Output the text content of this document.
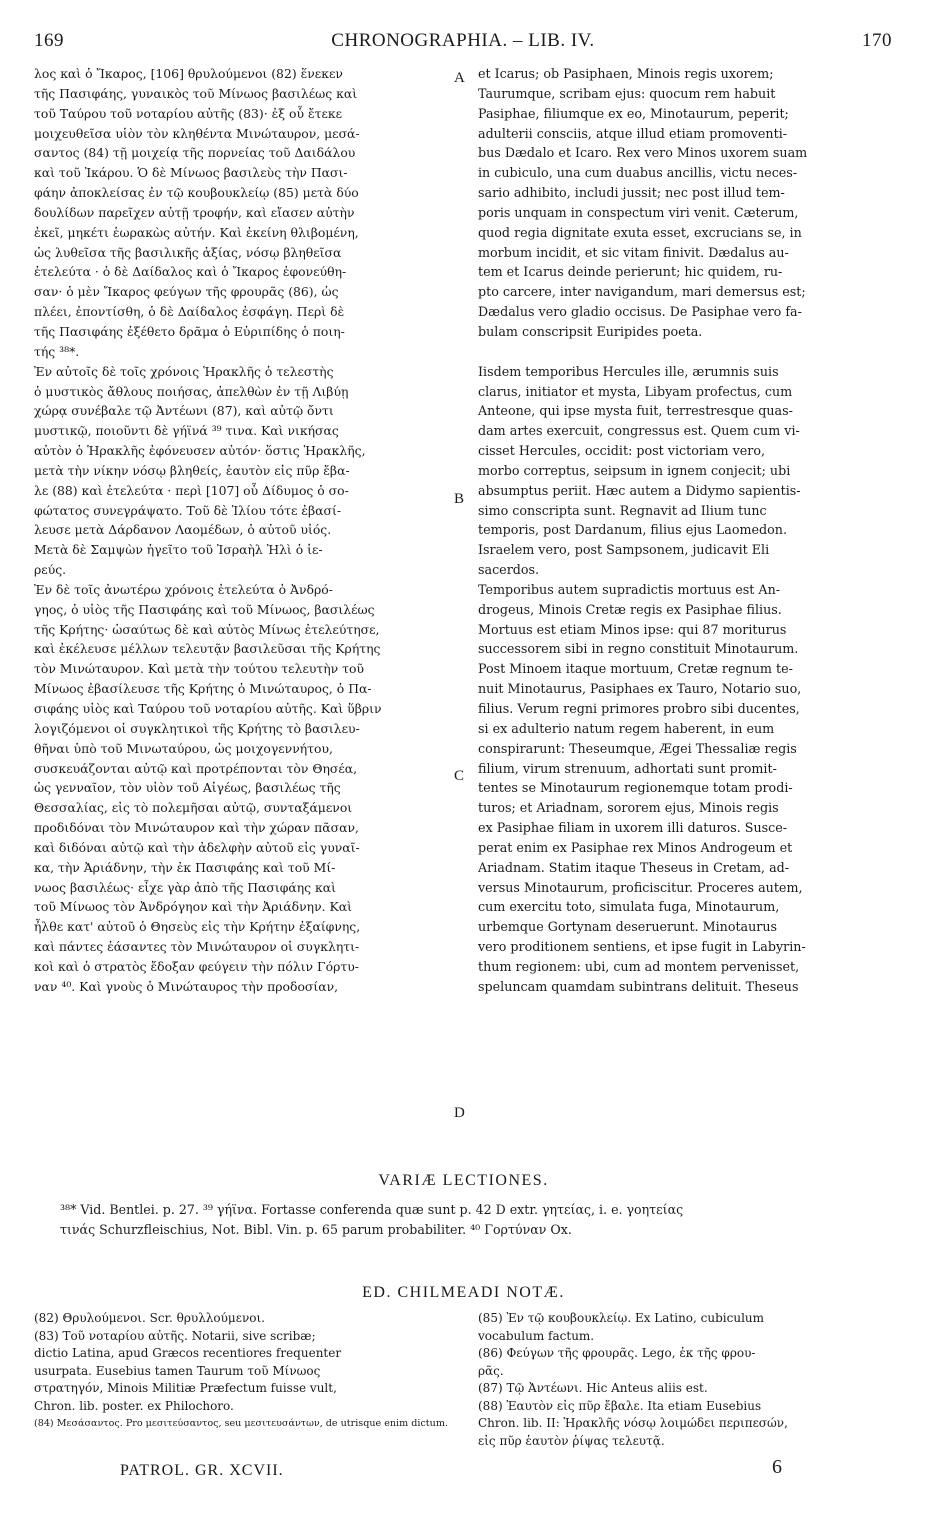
169	CHRONOGRAPHIA. – LIB. IV.	170
λος καὶ ὁ Ἴκαρος, [106] θρυλούμενοι (82) ἕνεκεν
τῆς Πασιφάης, γυναικὸς τοῦ Μίνωος βασιλέως καὶ
τοῦ Ταύρου τοῦ νοταρίου αὐτῆς (83)· ἐξ οὗ ἔτεκε
μοιχευθεῖσα υἱὸν τὸν κληθέντα Μινώταυρον, μεσά-
σαντος (84) τῇ μοιχείᾳ τῆς πορνείας τοῦ Δαιδάλου
καὶ τοῦ Ἰκάρου. Ὁ δὲ Μίνωος βασιλεὺς τὴν Πασι-
φάην ἀποκλείσας ἐν τῷ κουβουκλείῳ (85) μετὰ δύο
δουλίδων παρεῖχεν αὐτῇ τροφήν, καὶ εἴασεν αὐτὴν
ἐκεῖ, μηκέτι ἑωρακὼς αὐτήν. Καὶ ἐκείνη θλιβομένη,
ὡς λυθεῖσα τῆς βασιλικῆς ἀξίας, νόσῳ βληθεῖσα
ἐτελεύτα · ὁ δὲ Δαίδαλος καὶ ὁ Ἴκαρος ἐφονεύθη-
σαν· ὁ μὲν Ἴκαρος φεύγων τῆς φρουρᾶς (86), ὡς
πλέει, ἐποντίσθη, ὁ δὲ Δαίδαλος ἐσφάγη. Περὶ δὲ
τῆς Πασιφάης ἐξέθετο δρᾶμα ὁ Εὐριπίδης ὁ ποιη-
τής ³⁸*.
Ἐν αὐτοῖς δὲ τοῖς χρόνοις Ἡρακλῆς ὁ τελεστὴς
ὁ μυστικὸς ἄθλους ποιήσας, ἀπελθὼν ἐν τῇ Λιβύῃ
χώρᾳ συνέβαλε τῷ Ἀντέωνι (87), καὶ αὐτῷ ὄντι
μυστικῷ, ποιοῦντι δὲ γήϊνά ³⁹ τινα. Καὶ νικήσας
αὐτὸν ὁ Ἡρακλῆς ἐφόνευσεν αὐτόν· ὅστις Ἡρακλῆς,
μετὰ τὴν νίκην νόσῳ βληθείς, ἑαυτὸν εἰς πῦρ ἔβα-
λε (88) καὶ ἐτελεύτα · περὶ [107] οὗ Δίδυμος ὁ σο-
φώτατος συνεγράψατο. Τοῦ δὲ Ἰλίου τότε ἐβασί-
λευσε μετὰ Δάρδανον Λαομέδων, ὁ αὐτοῦ υἱός.
Μετὰ δὲ Σαμψὼν ἡγεῖτο τοῦ Ἰσραὴλ Ἠλὶ ὁ ἱε-
ρεύς.
Ἐν δὲ τοῖς ἀνωτέρω χρόνοις ἐτελεύτα ὁ Ἀνδρό-
γηος, ὁ υἱὸς τῆς Πασιφάης καὶ τοῦ Μίνωος, βασιλέως
τῆς Κρήτης· ὡσαύτως δὲ καὶ αὐτὸς Μίνως ἐτελεύτησε,
καὶ ἐκέλευσε μέλλων τελευτᾷν βασιλεῦσαι τῆς Κρήτης
τὸν Μινώταυρον. Καὶ μετὰ τὴν τούτου τελευτὴν τοῦ
Μίνωος ἐβασίλευσε τῆς Κρήτης ὁ Μινώταυρος, ὁ Πα-
σιφάης υἱὸς καὶ Ταύρου τοῦ νοταρίου αὐτῆς. Καὶ ὕβριν
λογιζόμενοι οἱ συγκλητικοὶ τῆς Κρήτης τὸ βασιλευ-
θῆναι ὑπὸ τοῦ Μινωταύρου, ὡς μοιχογεννήτου,
συσκευάζονται αὐτῷ καὶ προτρέπονται τὸν Θησέα,
ὡς γενναῖον, τὸν υἱὸν τοῦ Αἰγέως, βασιλέως τῆς
Θεσσαλίας, εἰς τὸ πολεμῆσαι αὐτῷ, συνταξάμενοι
προδιδόναι τὸν Μινώταυρον καὶ τὴν χώραν πᾶσαν,
καὶ διδόναι αὐτῷ καὶ τὴν ἀδελφὴν αὐτοῦ εἰς γυναῖ-
κα, τὴν Ἀριάδνην, τὴν ἐκ Πασιφάης καὶ τοῦ Μί-
νωος βασιλέως· εἶχε γὰρ ἀπὸ τῆς Πασιφάης καὶ
τοῦ Μίνωος τὸν Ἀνδρόγηον καὶ τὴν Ἀριάδνην. Καὶ
ἦλθε κατ' αὐτοῦ ὁ Θησεὺς εἰς τὴν Κρήτην ἐξαίφνης,
καὶ πάντες ἐάσαντες τὸν Μινώταυρον οἱ συγκλητι-
κοὶ καὶ ὁ στρατὸς ἔδοξαν φεύγειν τὴν πόλιν Γόρτυ-
ναν ⁴⁰. Καὶ γνοὺς ὁ Μινώταυρος τὴν προδοσίαν,
et Icarus; ob Pasiphaen, Minois regis uxorem;
Taurumque, scribam ejus: quocum rem habuit
Pasiphae, filiumque ex eo, Minotaurum, peperit;
adulterii consciis, atque illud etiam promoventi-
bus Dædalo et Icaro. Rex vero Minos uxorem suam
in cubiculo, una cum duabus ancillis, victu neces-
sario adhibito, includi jussit; nec post illud tem-
poris unquam in conspectum viri venit. Cæterum,
quod regia dignitate exuta esset, excrucians se, in
morbum incidit, et sic vitam finivit. Dædalus au-
tem et Icarus deinde perierunt; hic quidem, ru-
pto carcere, inter navigandum, mari demersus est;
Dædalus vero gladio occisus. De Pasiphae vero fa-
bulam conscripsit Euripides poeta.
Iisdem temporibus Hercules ille, ærumnis suis
clarus, initiator et mysta, Libyam profectus, cum
Anteone, qui ipse mysta fuit, terrestresque quas-
dam artes exercuit, congressus est. Quem cum vi-
cisset Hercules, occidit: post victoriam vero,
morbo correptus, seipsum in ignem conjecit; ubi
absumptus periit. Hæc autem a Didymo sapientis-
simo conscripta sunt. Regnavit ad Ilium tunc
temporis, post Dardanum, filius ejus Laomedon.
Israelem vero, post Sampsonem, judicavit Eli
sacerdos.
Temporibus autem supradictis mortuus est An-
drogeus, Minois Cretæ regis ex Pasiphae filius.
Mortuus est etiam Minos ipse: qui 87 moriturus
successorem sibi in regno constituit Minotaurum.
Post Minoem itaque mortuum, Cretæ regnum te-
nuit Minotaurus, Pasiphaes ex Tauro, Notario suo,
filius. Verum regni primores probro sibi ducentes,
si ex adulterio natum regem haberent, in eum
conspirarunt: Theseumque, Ægei Thessaliæ regis
filium, virum strenuum, adhortati sunt promit-
tentes se Minotaurum regionemque totam prodi-
turos; et Ariadnam, sororem ejus, Minois regis
ex Pasiphae filiam in uxorem illi daturos. Susce-
perat enim ex Pasiphae rex Minos Androgeum et
Ariadnam. Statim itaque Theseus in Cretam, ad-
versus Minotaurum, proficiscitur. Proceres autem,
cum exercitu toto, simulata fuga, Minotaurum,
urbemque Gortynam deseruerunt. Minotaurus
vero proditionem sentiens, et ipse fugit in Labyrin-
thum regionem: ubi, cum ad montem pervenisset,
speluncam quamdam subintrans delituit. Theseus
A
B
C
D
VARIÆ LECTIONES.
³⁸* Vid. Bentlei. p. 27. ³⁹ γήϊνα. Fortasse conferenda quæ sunt p. 42 D extr. γητείας, i. e. γοητείας
τινάς Schurzfleischius, Not. Bibl. Vin. p. 65 parum probabiliter. ⁴⁰ Γορτύναν Ox.
ED. CHILMEADI NOTÆ.
(82) Θρυλούμενοι. Scr. θρυλλούμενοι.
(83) Τοῦ νοταρίου αὐτῆς. Notarii, sive scribæ;
dictio Latina, apud Græcos recentiores frequenter
usurpata. Eusebius tamen Taurum τοῦ Μίνωος
στρατηγόν, Minois Militiæ Præfectum fuisse vult,
Chron. lib. poster. ex Philochoro.
(84) Μεσάσαντος. Pro μεσιτεύσαντος, seu μεσιτευσάντων, de utrisque enim dictum.
(85) Ἐν τῷ κουβουκλείῳ. Ex Latino, cubiculum
vocabulum factum.
(86) Φεύγων τῆς φρουρᾶς. Lego, ἐκ τῆς φρου-
ρᾶς.
(87) Τῷ Ἀντέωνι. Hic Anteus aliis est.
(88) Ἑαυτὸν εἰς πῦρ ἔβαλε. Ita etiam Eusebius
Chron. lib. II: Ἡρακλῆς νόσῳ λοιμώδει περιπεσών,
εἰς πῦρ ἑαυτὸν ῥίψας τελευτᾷ.
PATROL. GR. XCVII.	6
